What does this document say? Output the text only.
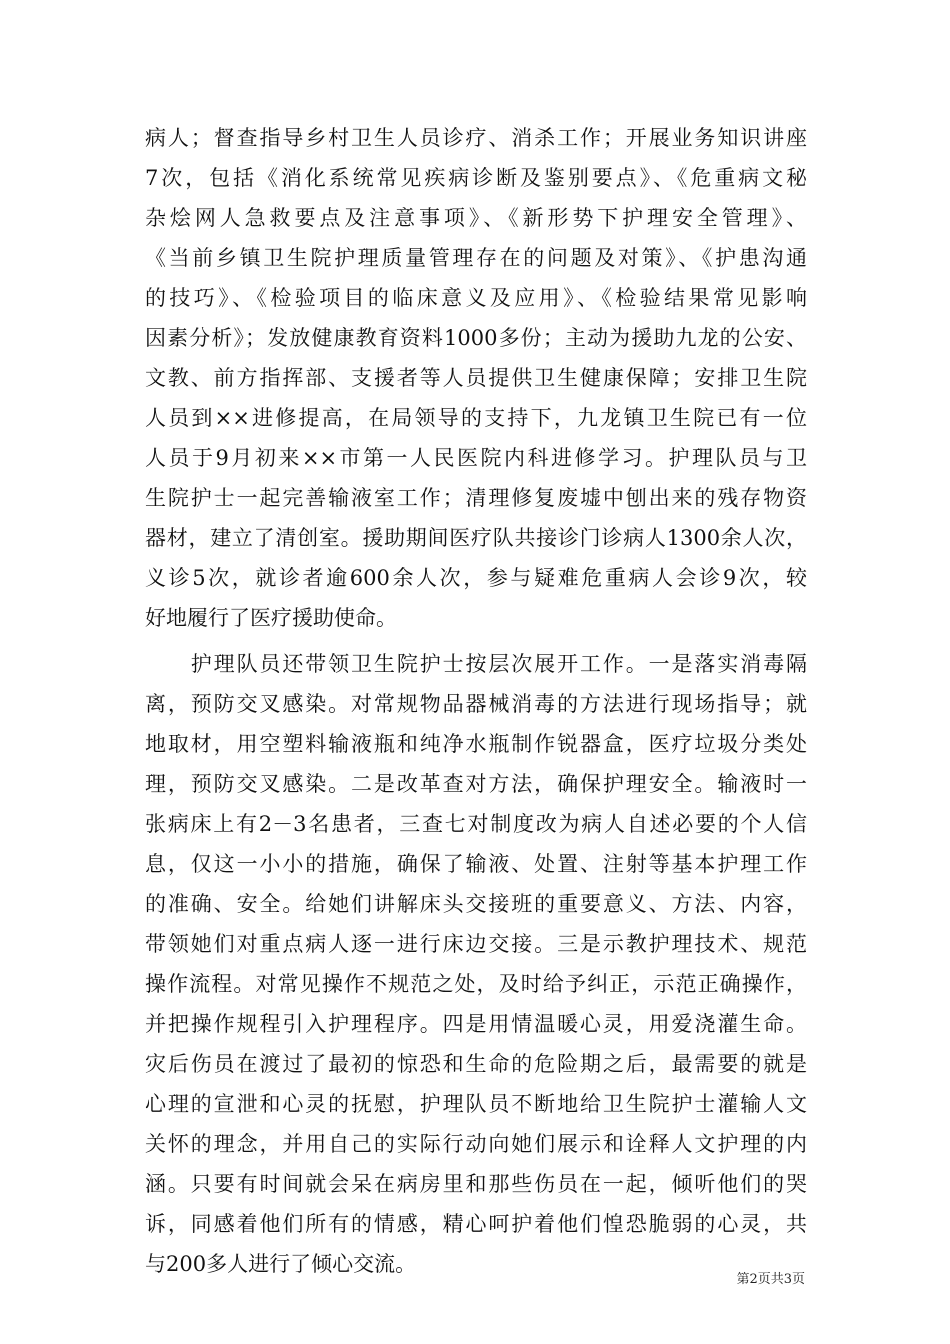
病人；督查指导乡村卫生人员诊疗、消杀工作；开展业务知识讲座
7次，包括《消化系统常见疾病诊断及鉴别要点》、《危重病文秘
杂烩网人急救要点及注意事项》、《新形势下护理安全管理》、
《当前乡镇卫生院护理质量管理存在的问题及对策》、《护患沟通
的技巧》、《检验项目的临床意义及应用》、《检验结果常见影响
因素分析》；发放健康教育资料1000多份；主动为援助九龙的公安、
文教、前方指挥部、支援者等人员提供卫生健康保障；安排卫生院
人员到××进修提高，在局领导的支持下，九龙镇卫生院已有一位
人员于9月初来××市第一人民医院内科进修学习。护理队员与卫
生院护士一起完善输液室工作；清理修复废墟中刨出来的残存物资
器材，建立了清创室。援助期间医疗队共接诊门诊病人1300余人次，
义诊5次，就诊者逾600余人次，参与疑难危重病人会诊9次，较
好地履行了医疗援助使命。
　　护理队员还带领卫生院护士按层次展开工作。一是落实消毒隔
离，预防交叉感染。对常规物品器械消毒的方法进行现场指导；就
地取材，用空塑料输液瓶和纯净水瓶制作锐器盒，医疗垃圾分类处
理，预防交叉感染。二是改革查对方法，确保护理安全。输液时一
张病床上有2－3名患者，三查七对制度改为病人自述必要的个人信
息，仅这一小小的措施，确保了输液、处置、注射等基本护理工作
的准确、安全。给她们讲解床头交接班的重要意义、方法、内容，
带领她们对重点病人逐一进行床边交接。三是示教护理技术、规范
操作流程。对常见操作不规范之处，及时给予纠正，示范正确操作，
并把操作规程引入护理程序。四是用情温暖心灵，用爱浇灌生命。
灾后伤员在渡过了最初的惊恐和生命的危险期之后，最需要的就是
心理的宣泄和心灵的抚慰，护理队员不断地给卫生院护士灌输人文
关怀的理念，并用自己的实际行动向她们展示和诠释人文护理的内
涵。只要有时间就会呆在病房里和那些伤员在一起，倾听他们的哭
诉，同感着他们所有的情感，精心呵护着他们惶恐脆弱的心灵，共
与200多人进行了倾心交流。
第2页共3页
